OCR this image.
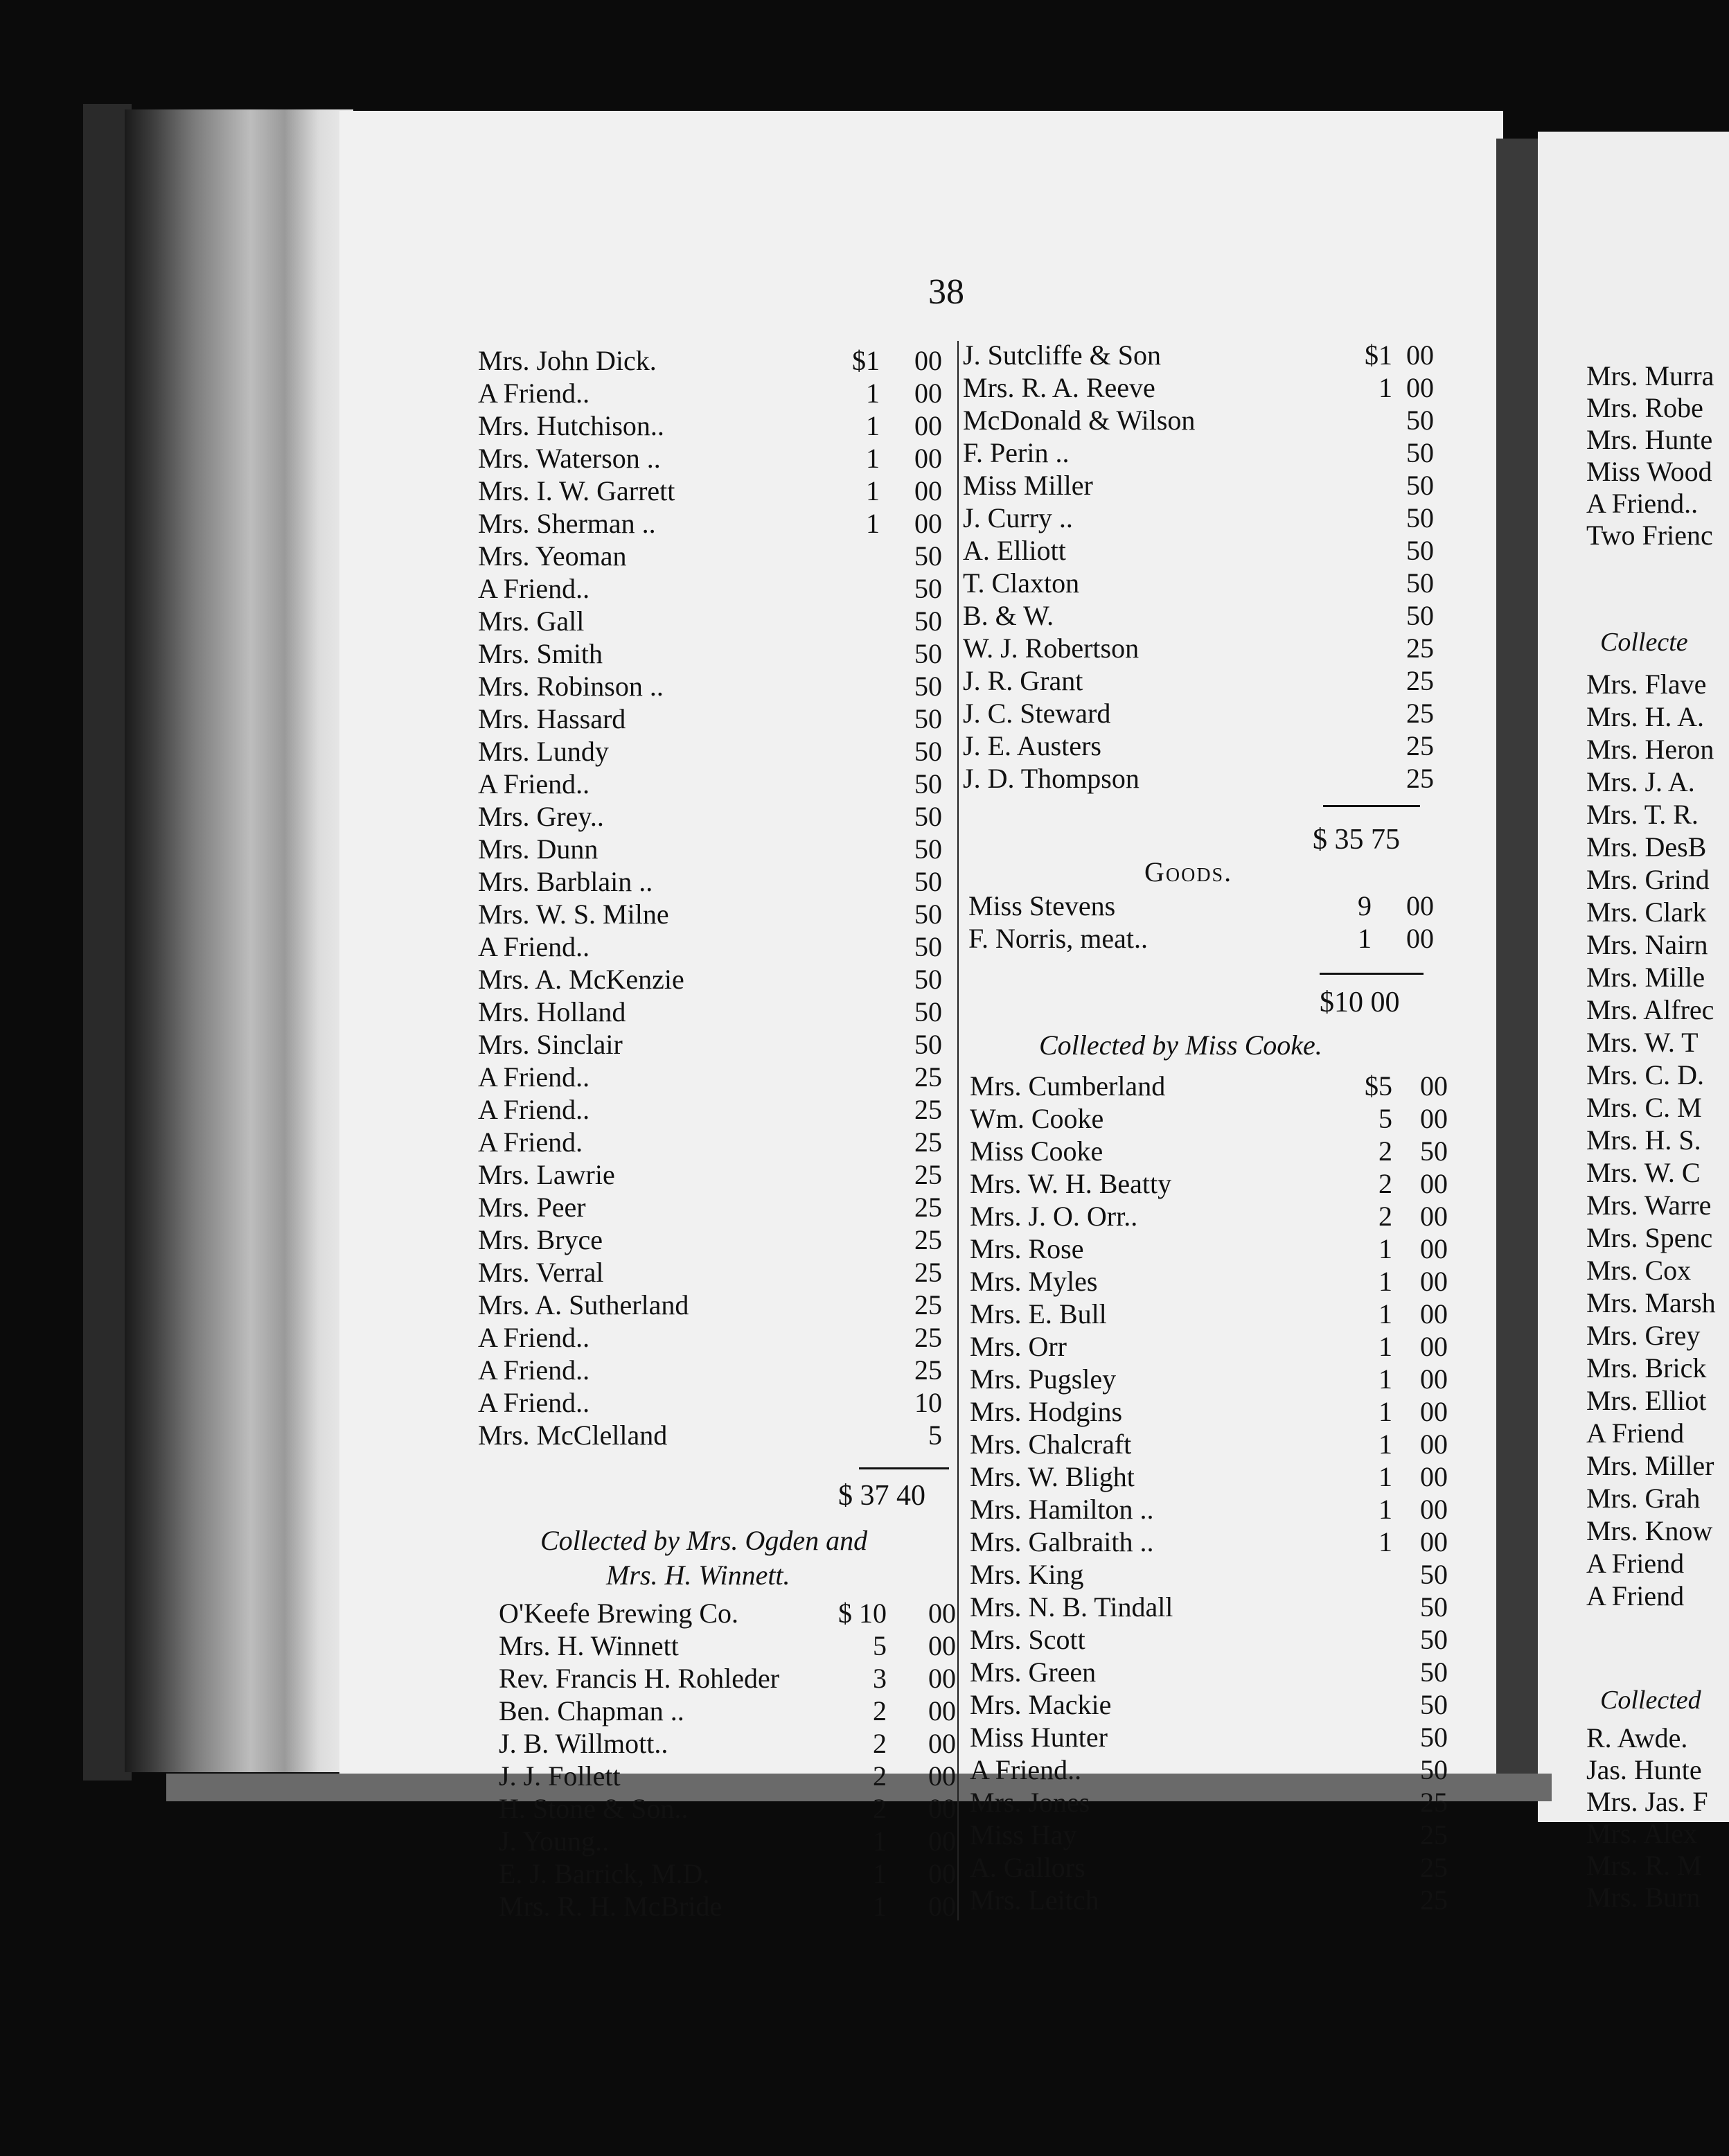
38
Mrs. John Dick.	$1	00
A Friend..	1	00
Mrs. Hutchison..	1	00
Mrs. Waterson ..	1	00
Mrs. I. W. Garrett	1	00
Mrs. Sherman ..	1	00
Mrs. Yeoman	50
A Friend..	50
Mrs. Gall	50
Mrs. Smith	50
Mrs. Robinson ..	50
Mrs. Hassard	50
Mrs. Lundy	50
A Friend..	50
Mrs. Grey..	50
Mrs. Dunn	50
Mrs. Barblain ..	50
Mrs. W. S. Milne	50
A Friend..	50
Mrs. A. McKenzie	50
Mrs. Holland	50
Mrs. Sinclair	50
A Friend..	25
A Friend..	25
A Friend.	25
Mrs. Lawrie	25
Mrs. Peer	25
Mrs. Bryce	25
Mrs. Verral	25
Mrs. A. Sutherland	25
A Friend..	25
A Friend..	25
A Friend..	10
Mrs. McClelland	5
$ 37 40
Collected by Mrs. Ogden and
Mrs. H. Winnett.
O'Keefe Brewing Co.	$ 10	00
Mrs. H. Winnett	5	00
Rev. Francis H. Rohleder	3	00
Ben. Chapman ..	2	00
J. B. Willmott..	2	00
J. J. Follett	2	00
H. Stone & Son..	2	00
J. Young..	1	00
E. J. Barrick, M.D.	1	00
Mrs. R. H. McBride	1	00
J. Sutcliffe & Son	$1 00
Mrs. R. A. Reeve	1 00
McDonald & Wilson	50
F. Perin ..	50
Miss Miller	50
J. Curry ..	50
A. Elliott	50
T. Claxton	50
B. & W.	50
W. J. Robertson	25
J. R. Grant	25
J. C. Steward	25
J. E. Austers	25
J. D. Thompson	25
$ 35 75
Goods.
Miss Stevens	9	00
F. Norris, meat..	1	00
$10 00
Collected by Miss Cooke.
Mrs. Cumberland	$5	00
Wm. Cooke	5	00
Miss Cooke	2	50
Mrs. W. H. Beatty	2	00
Mrs. J. O. Orr..	2	00
Mrs. Rose	1	00
Mrs. Myles	1	00
Mrs. E. Bull	1	00
Mrs. Orr	1	00
Mrs. Pugsley	1	00
Mrs. Hodgins	1	00
Mrs. Chalcraft	1	00
Mrs. W. Blight	1	00
Mrs. Hamilton ..	1	00
Mrs. Galbraith ..	1	00
Mrs. King	50
Mrs. N. B. Tindall	50
Mrs. Scott	50
Mrs. Green	50
Mrs. Mackie	50
Miss Hunter	50
A Friend..	50
Mrs. Jones	25
Miss Hay	25
A. Gallors	25
Mrs. Leitch	25
Mrs. Murra
Mrs. Robe
Mrs. Hunte
Miss Wood
A Friend..
Two Frienc
Collecte
Mrs. Flave
Mrs. H. A.
Mrs. Heron
Mrs. J. A.
Mrs. T. R.
Mrs. DesB
Mrs. Grind
Mrs. Clark
Mrs. Nairn
Mrs. Mille
Mrs. Alfrec
Mrs. W. T
Mrs. C. D.
Mrs. C. M
Mrs. H. S.
Mrs. W. C
Mrs. Warre
Mrs. Spenc
Mrs. Cox
Mrs. Marsh
Mrs. Grey
Mrs. Brick
Mrs. Elliot
A Friend
Mrs. Miller
Mrs. Grah
Mrs. Know
A Friend
A Friend
Collected
R. Awde.
Jas. Hunte
Mrs. Jas. F
Mrs. Alex
Mrs. R. M
Mrs. Burn
